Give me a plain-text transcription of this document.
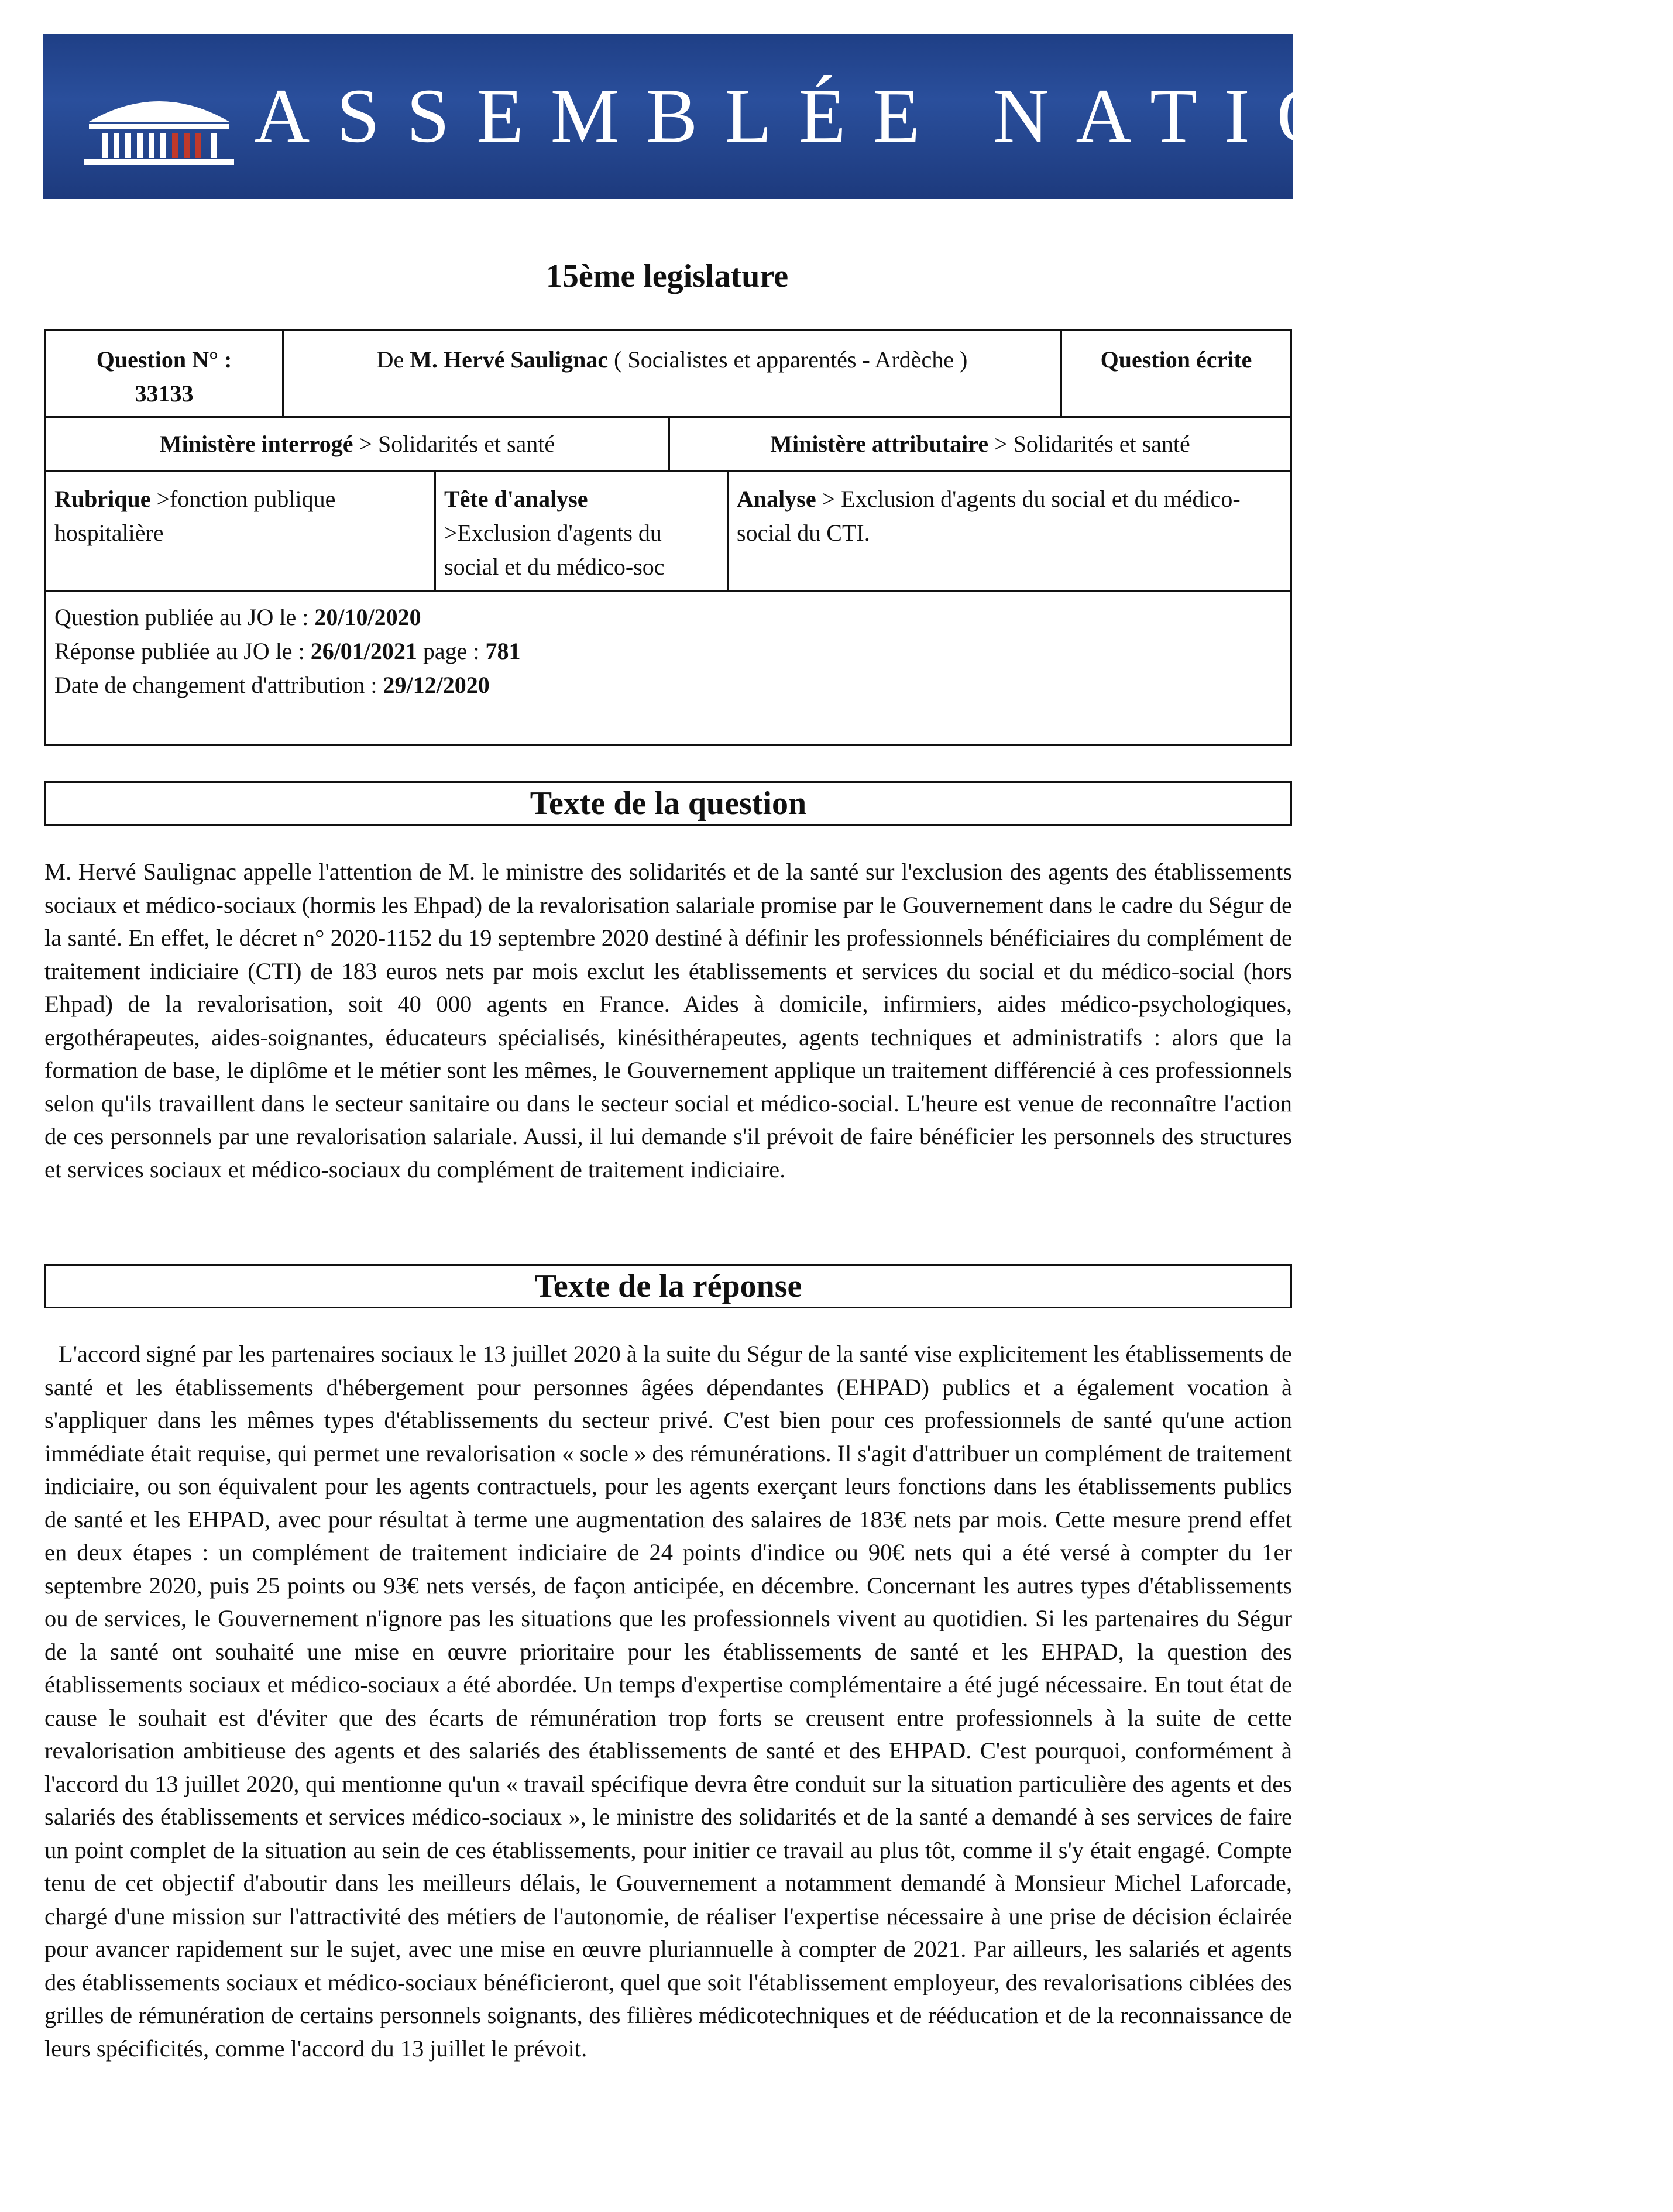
ASSEMBLÉE NATIONALE
15ème legislature
Question N° :
33133
De M. Hervé Saulignac ( Socialistes et apparentés - Ardèche )	Question écrite
Ministère interrogé > Solidarités et santé	Ministère attributaire > Solidarités et santé
Rubrique >fonction publique hospitalière
Tête d'analyse
>Exclusion d'agents du social et du médico-soc
Analyse > Exclusion d'agents du social et du médico-social du CTI.
Question publiée au JO le : 20/10/2020
Réponse publiée au JO le : 26/01/2021 page : 781
Date de changement d'attribution : 29/12/2020
Texte de la question
M. Hervé Saulignac appelle l'attention de M. le ministre des solidarités et de la santé sur l'exclusion des agents des établissements sociaux et médico-sociaux (hormis les Ehpad) de la revalorisation salariale promise par le Gouvernement dans le cadre du Ségur de la santé. En effet, le décret n° 2020-1152 du 19 septembre 2020 destiné à définir les professionnels bénéficiaires du complément de traitement indiciaire (CTI) de 183 euros nets par mois exclut les établissements et services du social et du médico-social (hors Ehpad) de la revalorisation, soit 40 000 agents en France. Aides à domicile, infirmiers, aides médico-psychologiques, ergothérapeutes, aides-soignantes, éducateurs spécialisés, kinésithérapeutes, agents techniques et administratifs : alors que la formation de base, le diplôme et le métier sont les mêmes, le Gouvernement applique un traitement différencié à ces professionnels selon qu'ils travaillent dans le secteur sanitaire ou dans le secteur social et médico-social. L'heure est venue de reconnaître l'action de ces personnels par une revalorisation salariale. Aussi, il lui demande s'il prévoit de faire bénéficier les personnels des structures et services sociaux et médico-sociaux du complément de traitement indiciaire.
Texte de la réponse
L'accord signé par les partenaires sociaux le 13 juillet 2020 à la suite du Ségur de la santé vise explicitement les établissements de santé et les établissements d'hébergement pour personnes âgées dépendantes (EHPAD) publics et a également vocation à s'appliquer dans les mêmes types d'établissements du secteur privé. C'est bien pour ces professionnels de santé qu'une action immédiate était requise, qui permet une revalorisation « socle » des rémunérations. Il s'agit d'attribuer un complément de traitement indiciaire, ou son équivalent pour les agents contractuels, pour les agents exerçant leurs fonctions dans les établissements publics de santé et les EHPAD, avec pour résultat à terme une augmentation des salaires de 183€ nets par mois. Cette mesure prend effet en deux étapes : un complément de traitement indiciaire de 24 points d'indice ou 90€ nets qui a été versé à compter du 1er septembre 2020, puis 25 points ou 93€ nets versés, de façon anticipée, en décembre. Concernant les autres types d'établissements ou de services, le Gouvernement n'ignore pas les situations que les professionnels vivent au quotidien. Si les partenaires du Ségur de la santé ont souhaité une mise en œuvre prioritaire pour les établissements de santé et les EHPAD, la question des établissements sociaux et médico-sociaux a été abordée. Un temps d'expertise complémentaire a été jugé nécessaire. En tout état de cause le souhait est d'éviter que des écarts de rémunération trop forts se creusent entre professionnels à la suite de cette revalorisation ambitieuse des agents et des salariés des établissements de santé et des EHPAD. C'est pourquoi, conformément à l'accord du 13 juillet 2020, qui mentionne qu'un « travail spécifique devra être conduit sur la situation particulière des agents et des salariés des établissements et services médico-sociaux », le ministre des solidarités et de la santé a demandé à ses services de faire un point complet de la situation au sein de ces établissements, pour initier ce travail au plus tôt, comme il s'y était engagé. Compte tenu de cet objectif d'aboutir dans les meilleurs délais, le Gouvernement a notamment demandé à Monsieur Michel Laforcade, chargé d'une mission sur l'attractivité des métiers de l'autonomie, de réaliser l'expertise nécessaire à une prise de décision éclairée pour avancer rapidement sur le sujet, avec une mise en œuvre pluriannuelle à compter de 2021. Par ailleurs, les salariés et agents des établissements sociaux et médico-sociaux bénéficieront, quel que soit l'établissement employeur, des revalorisations ciblées des grilles de rémunération de certains personnels soignants, des filières médicotechniques et de rééducation et de la reconnaissance de leurs spécificités, comme l'accord du 13 juillet le prévoit.
